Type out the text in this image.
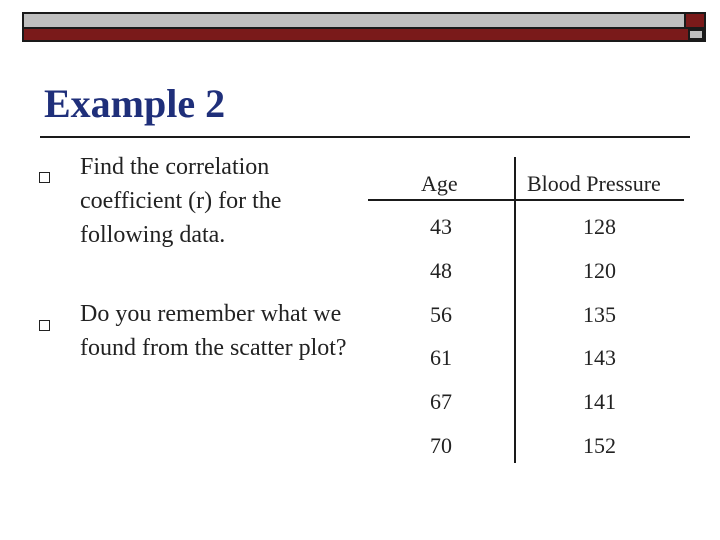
Example 2
Find the correlation coefficient (r) for the following data.
Do you remember what we found from the scatter plot?
Age	Blood Pressure
43	128
48	120
56	135
61	143
67	141
70	152
